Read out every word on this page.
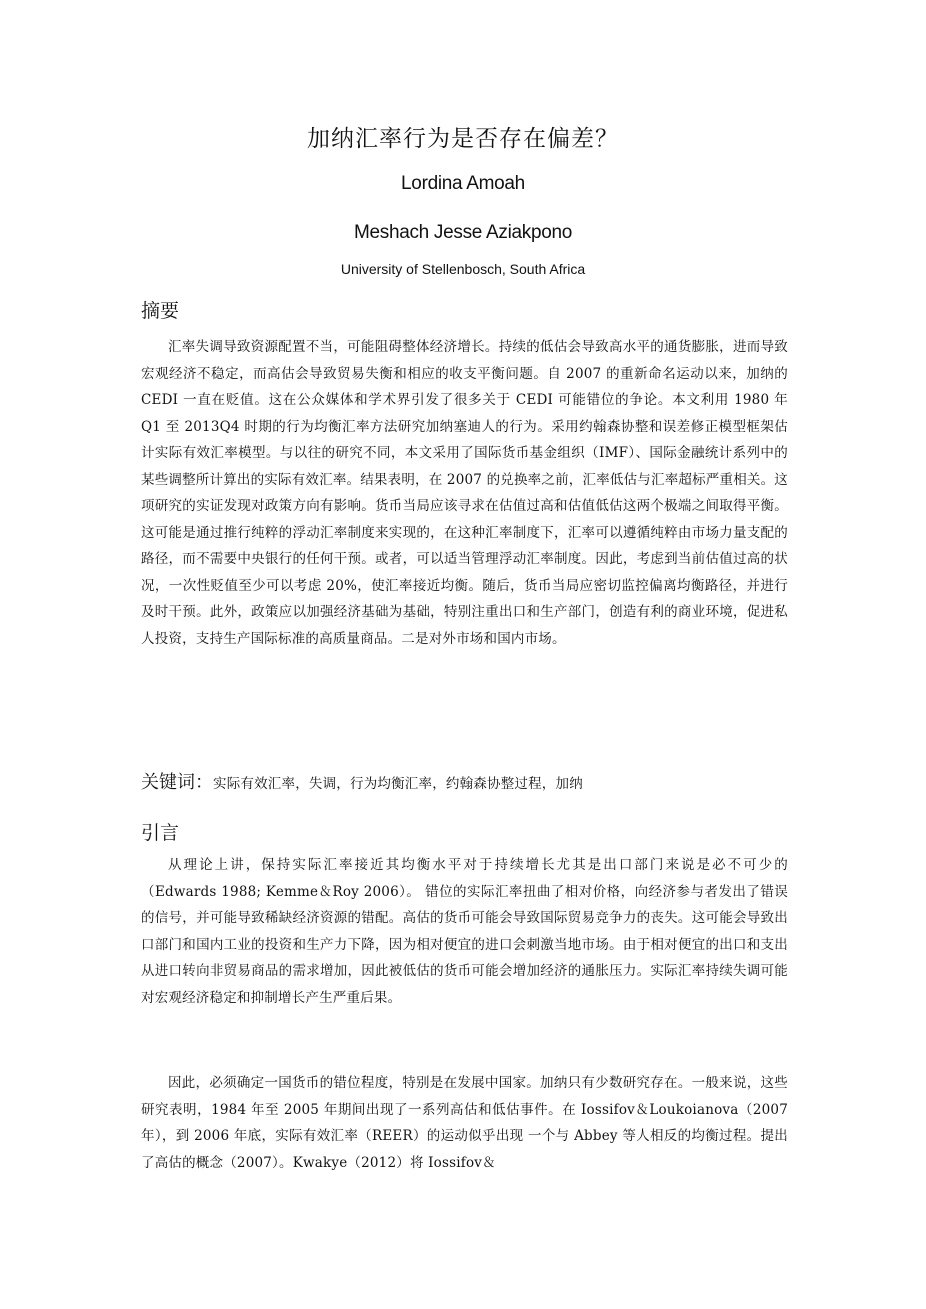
加纳汇率行为是否存在偏差？
Lordina Amoah
Meshach Jesse Aziakpono
University of Stellenbosch, South Africa
摘要

汇率失调导致资源配置不当，可能阻碍整体经济增长。持续的低估会导致高水平的通货膨胀，进而导致宏观经济不稳定，而高估会导致贸易失衡和相应的收支平衡问题。自 2007 的重新命名运动以来，加纳的 CEDI 一直在贬值。这在公众媒体和学术界引发了很多关于 CEDI 可能错位的争论。本文利用 1980 年 Q1 至 2013Q4 时期的行为均衡汇率方法研究加纳塞迪人的行为。采用约翰森协整和误差修正模型框架估计实际有效汇率模型。与以往的研究不同，本文采用了国际货币基金组织（IMF）、国际金融统计系列中的某些调整所计算出的实际有效汇率。结果表明，在 2007 的兑换率之前，汇率低估与汇率超标严重相关。这项研究的实证发现对政策方向有影响。货币当局应该寻求在估值过高和估值低估这两个极端之间取得平衡。这可能是通过推行纯粹的浮动汇率制度来实现的，在这种汇率制度下，汇率可以遵循纯粹由市场力量支配的路径，而不需要中央银行的任何干预。或者，可以适当管理浮动汇率制度。因此，考虑到当前估值过高的状况，一次性贬值至少可以考虑 20%，使汇率接近均衡。随后，货币当局应密切监控偏离均衡路径，并进行及时干预。此外，政策应以加强经济基础为基础，特别注重出口和生产部门，创造有利的商业环境，促进私人投资，支持生产国际标准的高质量商品。二是对外市场和国内市场。

关键词：实际有效汇率，失调，行为均衡汇率，约翰森协整过程，加纳
引言

从理论上讲，保持实际汇率接近其均衡水平对于持续增长尤其是出口部门来说是必不可少的（Edwards 1988; Kemme＆Roy 2006）。 错位的实际汇率扭曲了相对价格，向经济参与者发出了错误的信号，并可能导致稀缺经济资源的错配。高估的货币可能会导致国际贸易竞争力的丧失。这可能会导致出口部门和国内工业的投资和生产力下降，因为相对便宜的进口会刺激当地市场。由于相对便宜的出口和支出从进口转向非贸易商品的需求增加，因此被低估的货币可能会增加经济的通胀压力。实际汇率持续失调可能对宏观经济稳定和抑制增长产生严重后果。

因此，必须确定一国货币的错位程度，特别是在发展中国家。加纳只有少数研究存在。一般来说，这些研究表明，1984 年至 2005 年期间出现了一系列高估和低估事件。在 Iossifov＆Loukoianova（2007 年），到 2006 年底，实际有效汇率（REER）的运动似乎出现 一个与 Abbey 等人相反的均衡过程。提出了高估的概念（2007）。Kwakye（2012）将 Iossifov＆
